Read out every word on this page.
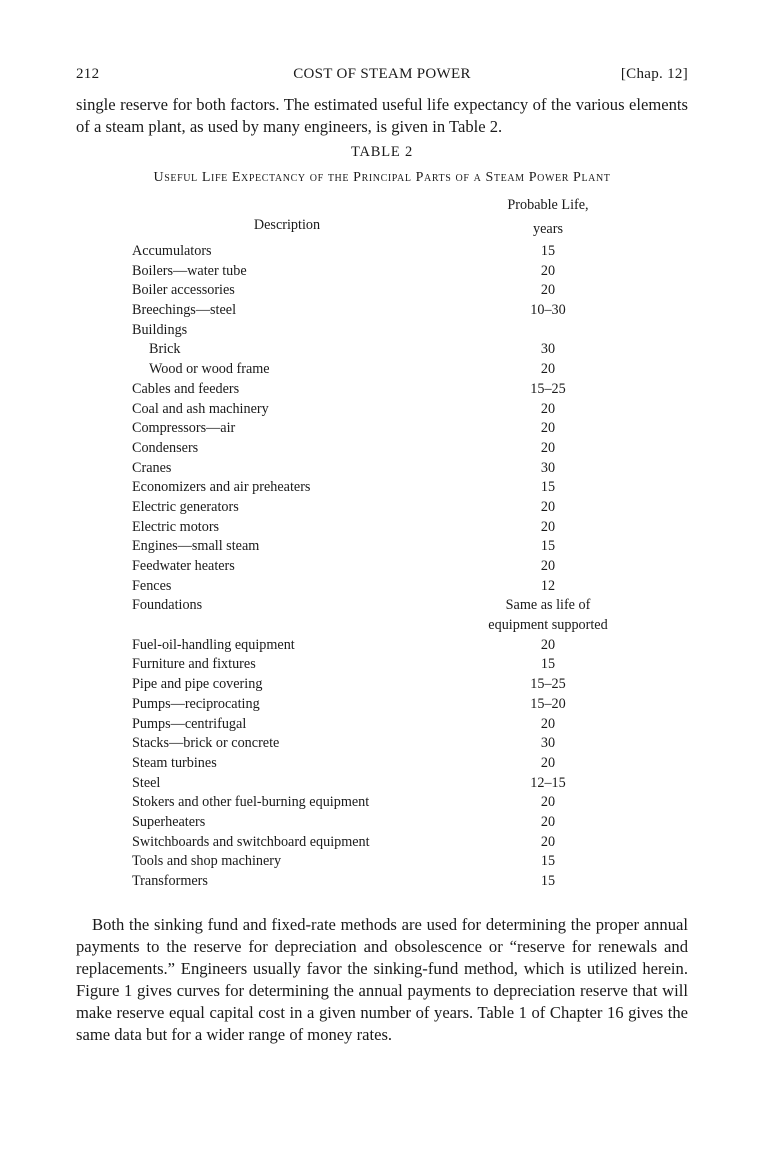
212	COST OF STEAM POWER	[Chap. 12]

single reserve for both factors. The estimated useful life expectancy of the various elements of a steam plant, as used by many engineers, is given in Table 2.

TABLE 2
Useful Life Expectancy of the Principal Parts of a Steam Power Plant
Description
Probable Life,
years
Accumulators	15
Boilers—water tube	20
Boiler accessories	20
Breechings—steel	10–30
Buildings
Brick	30
Wood or wood frame	20
Cables and feeders	15–25
Coal and ash machinery	20
Compressors—air	20
Condensers	20
Cranes	30
Economizers and air preheaters	15
Electric generators	20
Electric motors	20
Engines—small steam	15
Feedwater heaters	20
Fences	12
Foundations	Same as life of
equipment supported
Fuel-oil-handling equipment	20
Furniture and fixtures	15
Pipe and pipe covering	15–25
Pumps—reciprocating	15–20
Pumps—centrifugal	20
Stacks—brick or concrete	30
Steam turbines	20
Steel	12–15
Stokers and other fuel-burning equipment	20
Superheaters	20
Switchboards and switchboard equipment	20
Tools and shop machinery	15
Transformers	15

Both the sinking fund and fixed-rate methods are used for determining the proper annual payments to the reserve for depreciation and obsolescence or “reserve for renewals and replacements.” Engineers usually favor the sinking-fund method, which is utilized herein. Figure 1 gives curves for determining the annual payments to depreciation reserve that will make reserve equal capital cost in a given number of years. Table 1 of Chapter 16 gives the same data but for a wider range of money rates.
